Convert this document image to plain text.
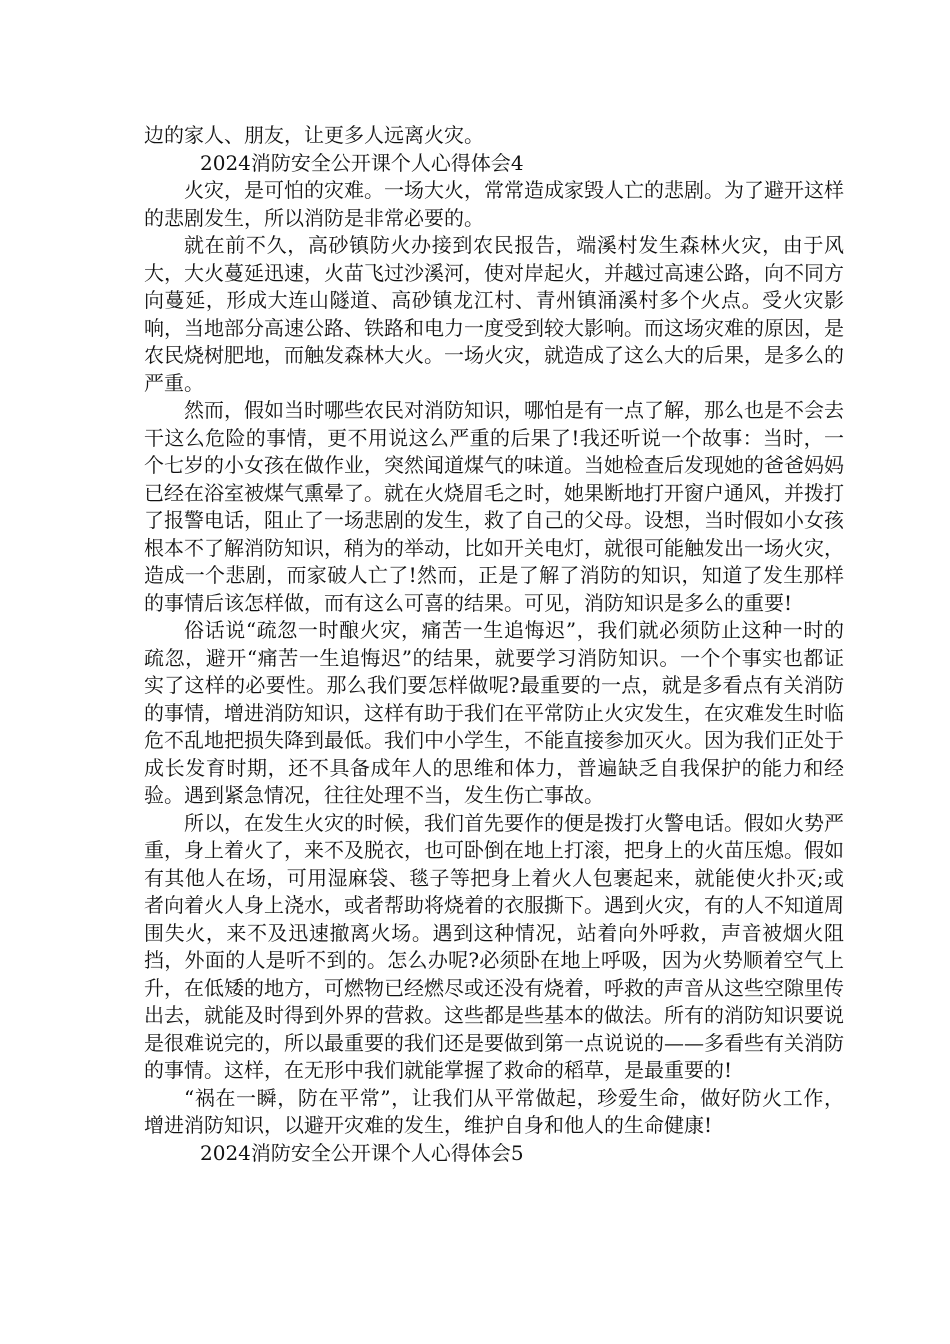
边的家人、朋友，让更多人远离火灾。

2024消防安全公开课个人心得体会4

火灾，是可怕的灾难。一场大火，常常造成家毁人亡的悲剧。为了避开这样的悲剧发生，所以消防是非常必要的。

就在前不久，高砂镇防火办接到农民报告，端溪村发生森林火灾，由于风大，大火蔓延迅速，火苗飞过沙溪河，使对岸起火，并越过高速公路，向不同方向蔓延，形成大连山隧道、高砂镇龙江村、青州镇涌溪村多个火点。受火灾影响，当地部分高速公路、铁路和电力一度受到较大影响。而这场灾难的原因，是农民烧树肥地，而触发森林大火。一场火灾，就造成了这么大的后果，是多么的严重。

然而，假如当时哪些农民对消防知识，哪怕是有一点了解，那么也是不会去干这么危险的事情，更不用说这么严重的后果了!我还听说一个故事：当时，一个七岁的小女孩在做作业，突然闻道煤气的味道。当她检查后发现她的爸爸妈妈已经在浴室被煤气熏晕了。就在火烧眉毛之时，她果断地打开窗户通风，并拨打了报警电话，阻止了一场悲剧的发生，救了自己的父母。设想，当时假如小女孩根本不了解消防知识，稍为的举动，比如开关电灯，就很可能触发出一场火灾，造成一个悲剧，而家破人亡了!然而，正是了解了消防的知识，知道了发生那样的事情后该怎样做，而有这么可喜的结果。可见，消防知识是多么的重要!

俗话说“疏忽一时酿火灾，痛苦一生追悔迟”，我们就必须防止这种一时的疏忽，避开“痛苦一生追悔迟”的结果，就要学习消防知识。一个个事实也都证实了这样的必要性。那么我们要怎样做呢?最重要的一点，就是多看点有关消防的事情，增进消防知识，这样有助于我们在平常防止火灾发生，在灾难发生时临危不乱地把损失降到最低。我们中小学生，不能直接参加灭火。因为我们正处于成长发育时期，还不具备成年人的思维和体力，普遍缺乏自我保护的能力和经验。遇到紧急情况，往往处理不当，发生伤亡事故。

所以，在发生火灾的时候，我们首先要作的便是拨打火警电话。假如火势严重，身上着火了，来不及脱衣，也可卧倒在地上打滚，把身上的火苗压熄。假如有其他人在场，可用湿麻袋、毯子等把身上着火人包裹起来，就能使火扑灭;或者向着火人身上浇水，或者帮助将烧着的衣服撕下。遇到火灾，有的人不知道周围失火，来不及迅速撤离火场。遇到这种情况，站着向外呼救，声音被烟火阻挡，外面的人是听不到的。怎么办呢?必须卧在地上呼吸，因为火势顺着空气上升，在低矮的地方，可燃物已经燃尽或还没有烧着，呼救的声音从这些空隙里传出去，就能及时得到外界的营救。这些都是些基本的做法。所有的消防知识要说是很难说完的，所以最重要的我们还是要做到第一点说说的——多看些有关消防的事情。这样，在无形中我们就能掌握了救命的稻草，是最重要的!

“祸在一瞬，防在平常”，让我们从平常做起，珍爱生命，做好防火工作，增进消防知识，以避开灾难的发生，维护自身和他人的生命健康!

2024消防安全公开课个人心得体会5
